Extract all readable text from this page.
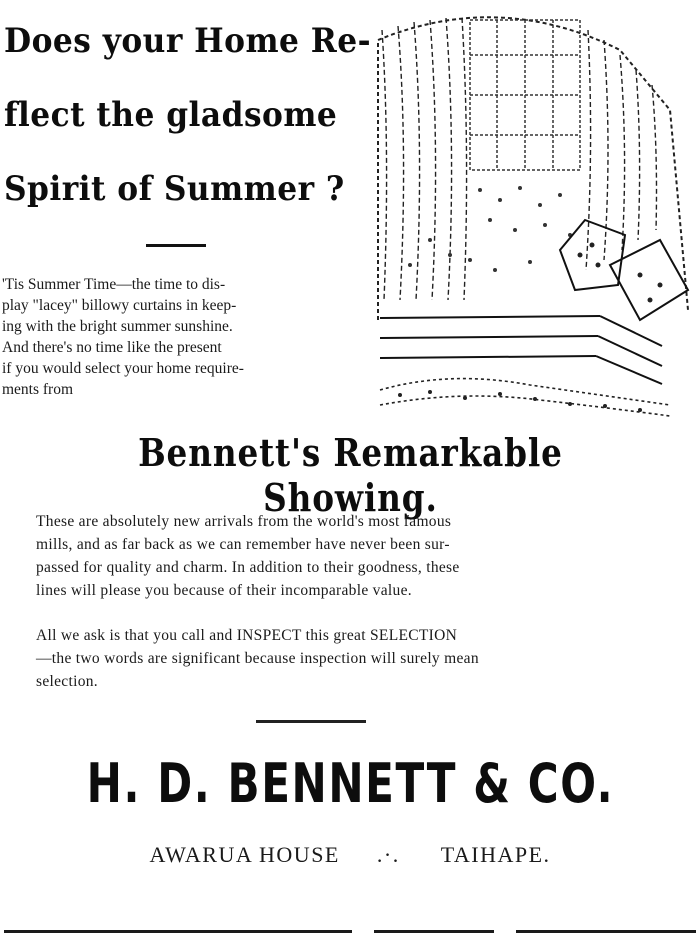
Does your Home Re-
flect the gladsome
Spirit of Summer ?
'Tis Summer Time—the time to dis-
play "lacey" billowy curtains in keep-
ing with the bright summer sunshine.
And there's no time like the present
if you would select your home require-
ments from
Bennett's Remarkable Showing.
These are absolutely new arrivals from the world's most famous
mills, and as far back as we can remember have never been sur-
passed for quality and charm. In addition to their goodness, these
lines will please you because of their incomparable value.
All we ask is that you call and INSPECT this great SELECTION
—the two words are significant because inspection will surely mean
selection.
H. D. BENNETT & CO.
AWARUA HOUSE .·. TAIHAPE.
